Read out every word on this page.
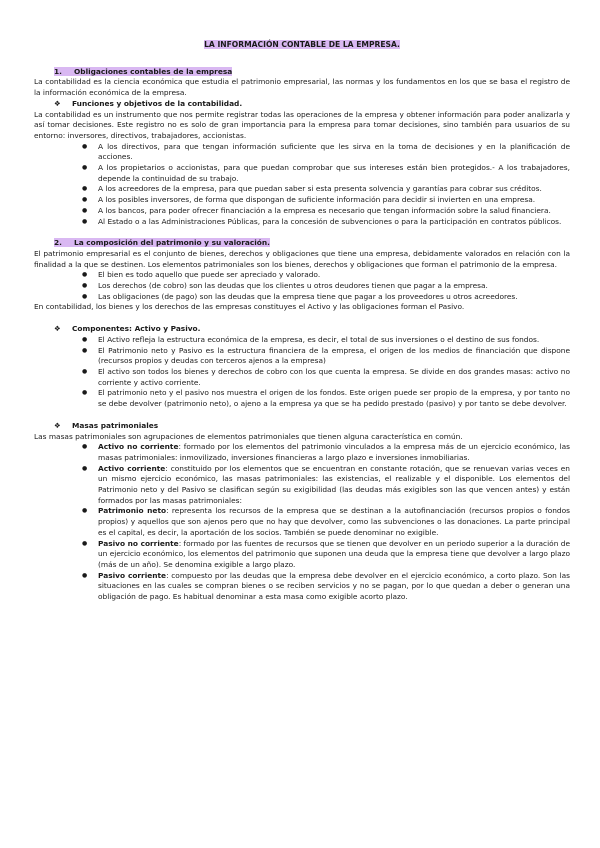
LA INFORMACIÓN CONTABLE DE LA EMPRESA.
1. Obligaciones contables de la empresa

La contabilidad es la ciencia económica que estudia el patrimonio empresarial, las normas y los fundamentos en los que se basa el registro de la información económica de la empresa.

❖ Funciones y objetivos de la contabilidad.

La contabilidad es un instrumento que nos permite registrar todas las operaciones de la empresa y obtener información para poder analizarla y así tomar decisiones. Este registro no es solo de gran importancia para la empresa para tomar decisiones, sino también para usuarios de su entorno: inversores, directivos, trabajadores, accionistas.

● A los directivos, para que tengan información suficiente que les sirva en la toma de decisiones y en la planificación de acciones.
● A los propietarios o accionistas, para que puedan comprobar que sus intereses están bien protegidos.- A los trabajadores, depende la continuidad de su trabajo.
● A los acreedores de la empresa, para que puedan saber si esta presenta solvencia y garantías para cobrar sus créditos.
● A los posibles inversores, de forma que dispongan de suficiente información para decidir si invierten en una empresa.
● A los bancos, para poder ofrecer financiación a la empresa es necesario que tengan información sobre la salud financiera.
● Al Estado o a las Administraciones Públicas, para la concesión de subvenciones o para la participación en contratos públicos.
2. La composición del patrimonio y su valoración.

El patrimonio empresarial es el conjunto de bienes, derechos y obligaciones que tiene una empresa, debidamente valorados en relación con la finalidad a la que se destinen. Los elementos patrimoniales son los bienes, derechos y obligaciones que forman el patrimonio de la empresa.

● El bien es todo aquello que puede ser apreciado y valorado.
● Los derechos (de cobro) son las deudas que los clientes u otros deudores tienen que pagar a la empresa.
● Las obligaciones (de pago) son las deudas que la empresa tiene que pagar a los proveedores u otros acreedores.

En contabilidad, los bienes y los derechos de las empresas constituyes el Activo y las obligaciones forman el Pasivo.

❖ Componentes: Activo y Pasivo.
● El Activo refleja la estructura económica de la empresa, es decir, el total de sus inversiones o el destino de sus fondos.
● El Patrimonio neto y Pasivo es la estructura financiera de la empresa, el origen de los medios de financiación que dispone (recursos propios y deudas con terceros ajenos a la empresa)
● El activo son todos los bienes y derechos de cobro con los que cuenta la empresa. Se divide en dos grandes masas: activo no corriente y activo corriente.
● El patrimonio neto y el pasivo nos muestra el origen de los fondos. Este origen puede ser propio de la empresa, y por tanto no se debe devolver (patrimonio neto), o ajeno a la empresa ya que se ha pedido prestado (pasivo) y por tanto se debe devolver.
❖ Masas patrimoniales

Las masas patrimoniales son agrupaciones de elementos patrimoniales que tienen alguna característica en común.

● Activo no corriente: formado por los elementos del patrimonio vinculados a la empresa más de un ejercicio económico, las masas patrimoniales: inmovilizado, inversiones financieras a largo plazo e inversiones inmobiliarias.
● Activo corriente: constituido por los elementos que se encuentran en constante rotación, que se renuevan varias veces en un mismo ejercicio económico, las masas patrimoniales: las existencias, el realizable y el disponible. Los elementos del Patrimonio neto y del Pasivo se clasifican según su exigibilidad (las deudas más exigibles son las que vencen antes) y están formados por las masas patrimoniales:
● Patrimonio neto: representa los recursos de la empresa que se destinan a la autofinanciación (recursos propios o fondos propios) y aquellos que son ajenos pero que no hay que devolver, como las subvenciones o las donaciones. La parte principal es el capital, es decir, la aportación de los socios. También se puede denominar no exigible.
● Pasivo no corriente: formado por las fuentes de recursos que se tienen que devolver en un periodo superior a la duración de un ejercicio económico, los elementos del patrimonio que suponen una deuda que la empresa tiene que devolver a largo plazo (más de un año). Se denomina exigible a largo plazo.
● Pasivo corriente: compuesto por las deudas que la empresa debe devolver en el ejercicio económico, a corto plazo. Son las situaciones en las cuales se compran bienes o se reciben servicios y no se pagan, por lo que quedan a deber o generan una obligación de pago. Es habitual denominar a esta masa como exigible acorto plazo.
